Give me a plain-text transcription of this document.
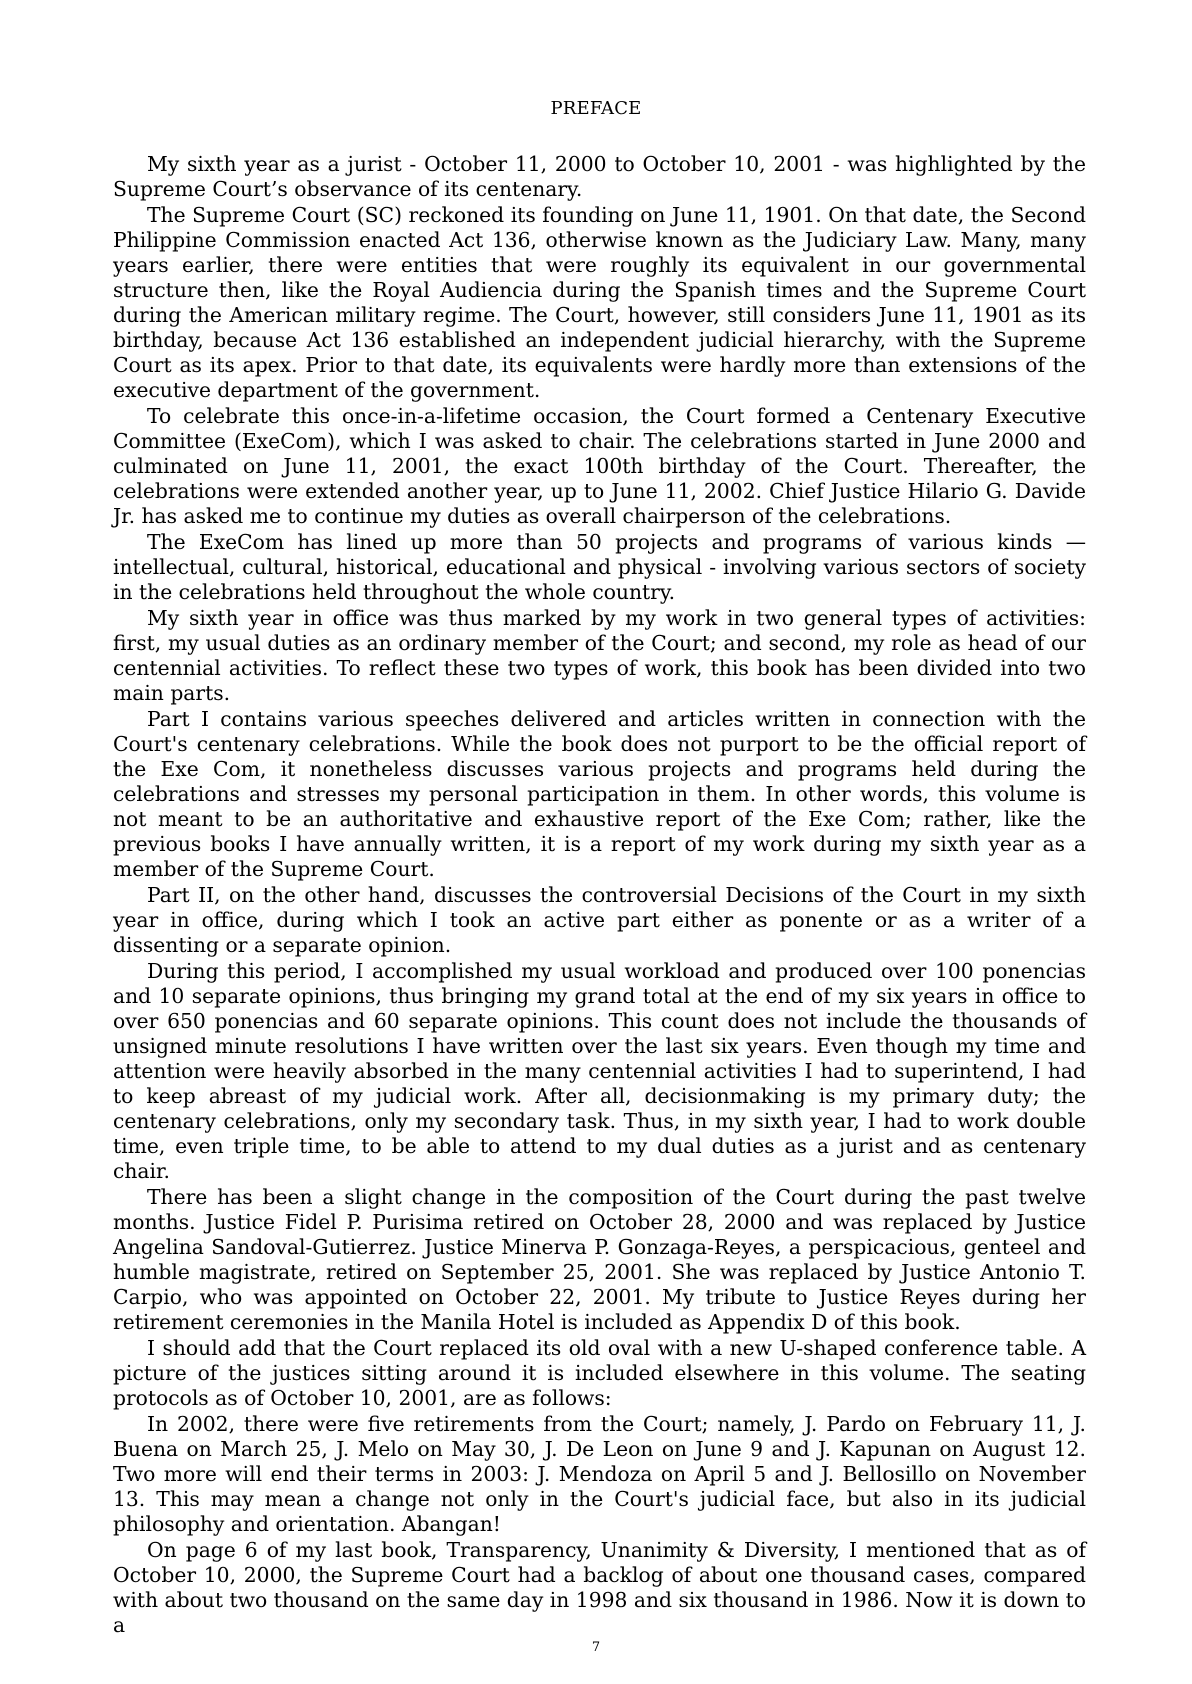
PREFACE

My sixth year as a jurist - October 11, 2000 to October 10, 2001 - was highlighted by the Supreme Court’s observance of its centenary.

The Supreme Court (SC) reckoned its founding on June 11, 1901. On that date, the Second Philippine Commission enacted Act 136, otherwise known as the Judiciary Law. Many, many years earlier, there were entities that were roughly its equivalent in our governmental structure then, like the Royal Audiencia during the Spanish times and the Supreme Court during the American military regime. The Court, however, still considers June 11, 1901 as its birthday, because Act 136 established an independent judicial hierarchy, with the Supreme Court as its apex. Prior to that date, its equivalents were hardly more than extensions of the executive department of the government.

To celebrate this once-in-a-lifetime occasion, the Court formed a Centenary Executive Committee (ExeCom), which I was asked to chair. The celebrations started in June 2000 and culminated on June 11, 2001, the exact 100th birthday of the Court. Thereafter, the celebrations were extended another year, up to June 11, 2002. Chief Justice Hilario G. Davide Jr. has asked me to continue my duties as overall chairperson of the celebrations.

The ExeCom has lined up more than 50 projects and programs of various kinds — intellectual, cultural, historical, educational and physical - involving various sectors of society in the celebrations held throughout the whole country.

My sixth year in office was thus marked by my work in two general types of activities: first, my usual duties as an ordinary member of the Court; and second, my role as head of our centennial activities. To reflect these two types of work, this book has been divided into two main parts.

Part I contains various speeches delivered and articles written in connection with the Court's centenary celebrations. While the book does not purport to be the official report of the Exe Com, it nonetheless discusses various projects and programs held during the celebrations and stresses my personal participation in them. In other words, this volume is not meant to be an authoritative and exhaustive report of the Exe Com; rather, like the previous books I have annually written, it is a report of my work during my sixth year as a member of the Supreme Court.

Part II, on the other hand, discusses the controversial Decisions of the Court in my sixth year in office, during which I took an active part either as ponente or as a writer of a dissenting or a separate opinion.

During this period, I accomplished my usual workload and produced over 100 ponencias and 10 separate opinions, thus bringing my grand total at the end of my six years in office to over 650 ponencias and 60 separate opinions. This count does not include the thousands of unsigned minute resolutions I have written over the last six years. Even though my time and attention were heavily absorbed in the many centennial activities I had to superintend, I had to keep abreast of my judicial work. After all, decisionmaking is my primary duty; the centenary celebrations, only my secondary task. Thus, in my sixth year, I had to work double time, even triple time, to be able to attend to my dual duties as a jurist and as centenary chair.

There has been a slight change in the composition of the Court during the past twelve months. Justice Fidel P. Purisima retired on October 28, 2000 and was replaced by Justice Angelina Sandoval-Gutierrez. Justice Minerva P. Gonzaga-Reyes, a perspicacious, genteel and humble magistrate, retired on September 25, 2001. She was replaced by Justice Antonio T. Carpio, who was appointed on October 22, 2001. My tribute to Justice Reyes during her retirement ceremonies in the Manila Hotel is included as Appendix D of this book.

I should add that the Court replaced its old oval with a new U-shaped conference table. A picture of the justices sitting around it is included elsewhere in this volume. The seating protocols as of October 10, 2001, are as follows:

In 2002, there were five retirements from the Court; namely, J. Pardo on February 11, J. Buena on March 25, J. Melo on May 30, J. De Leon on June 9 and J. Kapunan on August 12. Two more will end their terms in 2003: J. Mendoza on April 5 and J. Bellosillo on November 13. This may mean a change not only in the Court's judicial face, but also in its judicial philosophy and orientation. Abangan!

On page 6 of my last book, Transparency, Unanimity & Diversity, I mentioned that as of October 10, 2000, the Supreme Court had a backlog of about one thousand cases, compared with about two thousand on the same day in 1998 and six thousand in 1986. Now it is down to a

7
